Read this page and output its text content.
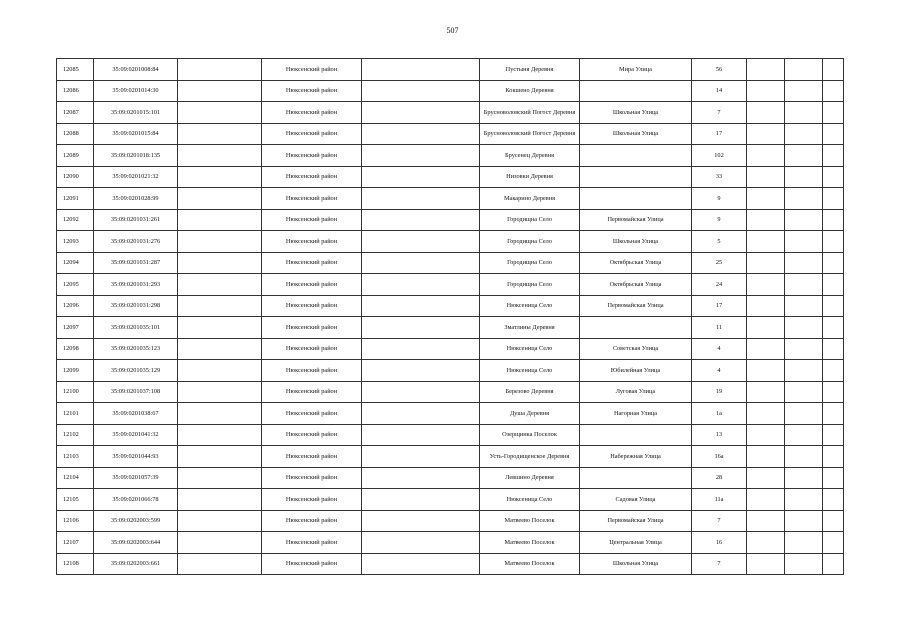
507
12085	35:09:0201008:84		Нюксенский район		Пустыня Деревня	Мира Улица	56			
12086	35:09:0201014:30		Нюксенский район		Кокшено Деревня		14			
12087	35:09:0201015:101		Нюксенский район		Брусноволовский Погост Деревня	Школьная Улица	7			
12088	35:09:0201015:84		Нюксенский район		Брусноволовский Погост Деревня	Школьная Улица	17			
12089	35:09:0201018:135		Нюксенский район		Брусенец Деревня		102			
12090	35:09:0201021:32		Нюксенский район		Низовки Деревня		33			
12091	35:09:0201028:99		Нюксенский район		Макарино Деревня		9			
12092	35:09:0201031:261		Нюксенский район		Городищна Село	Первомайская Улица	9			
12093	35:09:0201031:276		Нюксенский район		Городищна Село	Школьная Улица	5			
12094	35:09:0201031:287		Нюксенский район		Городищна Село	Октябрьская Улица	25			
12095	35:09:0201031:293		Нюксенский район		Городищна Село	Октябрьская Улица	24			
12096	35:09:0201031:298		Нюксенский район		Нюксеница Село	Первомайская Улица	17			
12097	35:09:0201035:101		Нюксенский район		Зматлины Деревня		11			
12098	35:09:0201035:123		Нюксенский район		Нюксеница Село	Советская Улица	4			
12099	35:09:0201035:129		Нюксенский район		Нюксеница Село	Юбилейная Улица	4			
12100	35:09:0201037:108		Нюксенский район		Березово Деревня	Луговая Улица	19			
12101	35:09:0201038:67		Нюксенский район		Душа Деревня	Нагорная Улица	1а			
12102	35:09:0201041:32		Нюксенский район		Озерщинка Поселок		13			
12103	35:09:0201044:93		Нюксенский район		Усть-Городищенское Деревня	Набережная Улица	16а			
12104	35:09:0201057:39		Нюксенский район		Левшино Деревня		28			
12105	35:09:0201066:78		Нюксенский район		Нюксеница Село	Садовая Улица	11а			
12106	35:09:0202003:599		Нюксенский район		Матвеево Поселок	Первомайская Улица	7			
12107	35:09:0202003:644		Нюксенский район		Матвеево Поселок	Центральная Улица	16			
12108	35:09:0202003:661		Нюксенский район		Матвеево Поселок	Школьная Улица	7			
